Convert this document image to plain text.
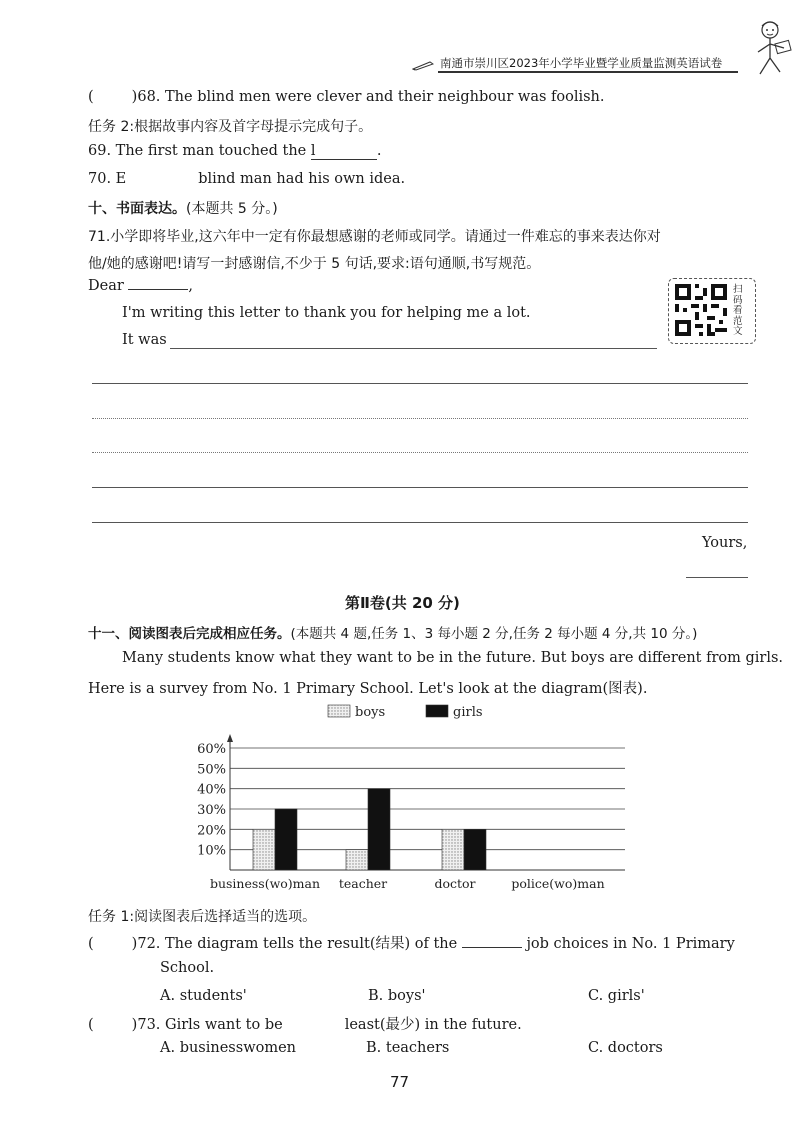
南通市崇川区2023年小学毕业暨学业质量监测英语试卷
(	)68. The blind men were clever and their neighbour was foolish.
任务 2:根据故事内容及首字母提示完成句子。
69. The first man touched the l	.
70. E	blind man had his own idea.
十、书面表达。(本题共 5 分。)
71.小学即将毕业,这六年中一定有你最想感谢的老师或同学。请通过一件难忘的事来表达你对
他/她的感谢吧!请写一封感谢信,不少于 5 句话,要求:语句通顺,书写规范。
扫码看范文
Dear	,
I'm writing this letter to thank you for helping me a lot.
It was
Yours,
第Ⅱ卷(共 20 分)
十一、阅读图表后完成相应任务。(本题共 4 题,任务 1、3 每小题 2 分,任务 2 每小题 4 分,共 10 分。)
Many students know what they want to be in the future. But boys are different from girls.
Here is a survey from No. 1 Primary School. Let's look at the diagram(图表).
boys	girls
10%
20%
30%
40%
50%
60%
business(wo)man teacher	doctor	police(wo)man
任务 1:阅读图表后选择适当的选项。
(	)72. The diagram tells the result(结果) of the	job choices in No. 1 Primary
School.
A. students'	B. boys'	C. girls'
(	)73. Girls want to be	least(最少) in the future.
A. businesswomen	B. teachers	C. doctors
77
